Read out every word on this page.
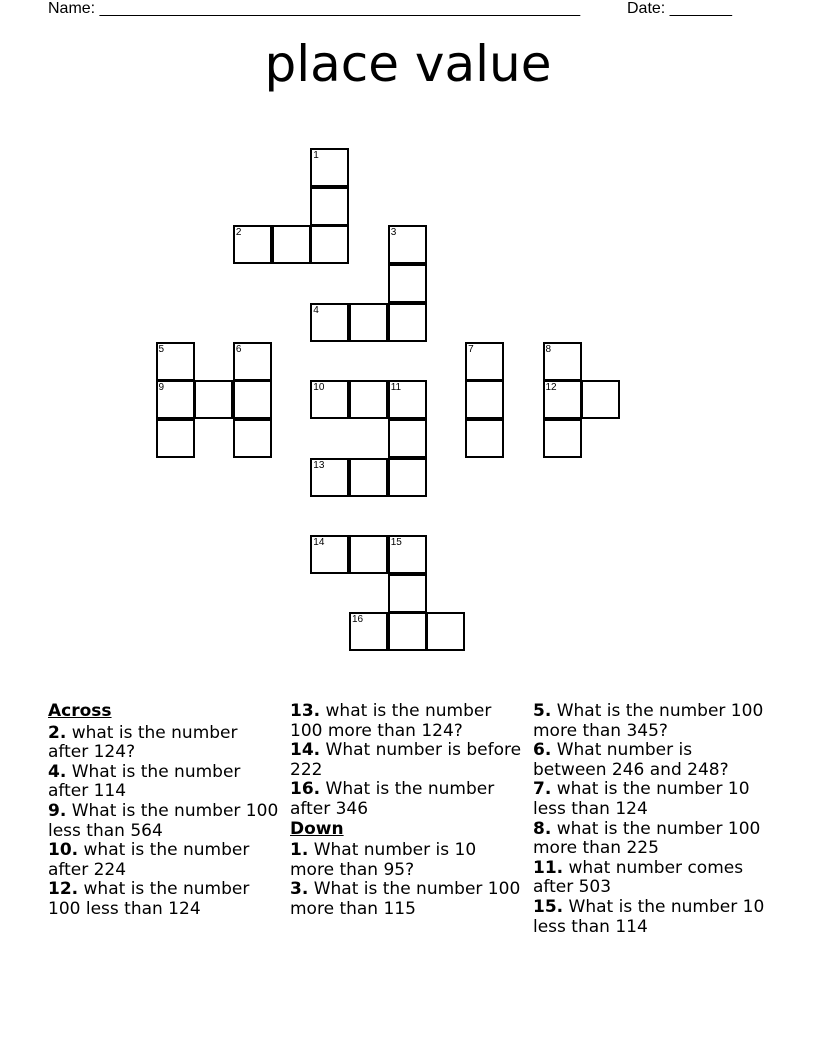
Name: ______________________________________________________	Date: _______
place value
1
2	3
4
5	6	7	8
9	10	11	12
13
14	15
16
Across
2. what is the number after 124?
4. What is the number after 114
9. What is the number 100 less than 564
10. what is the number after 224
12. what is the number 100 less than 124
13. what is the number 100 more than 124?
14. What number is before 222
16. What is the number after 346
Down
1. What number is 10 more than 95?
3. What is the number 100 more than 115
5. What is the number 100 more than 345?
6. What number is between 246 and 248?
7. what is the number 10 less than 124
8. what is the number 100 more than 225
11. what number comes after 503
15. What is the number 10 less than 114
